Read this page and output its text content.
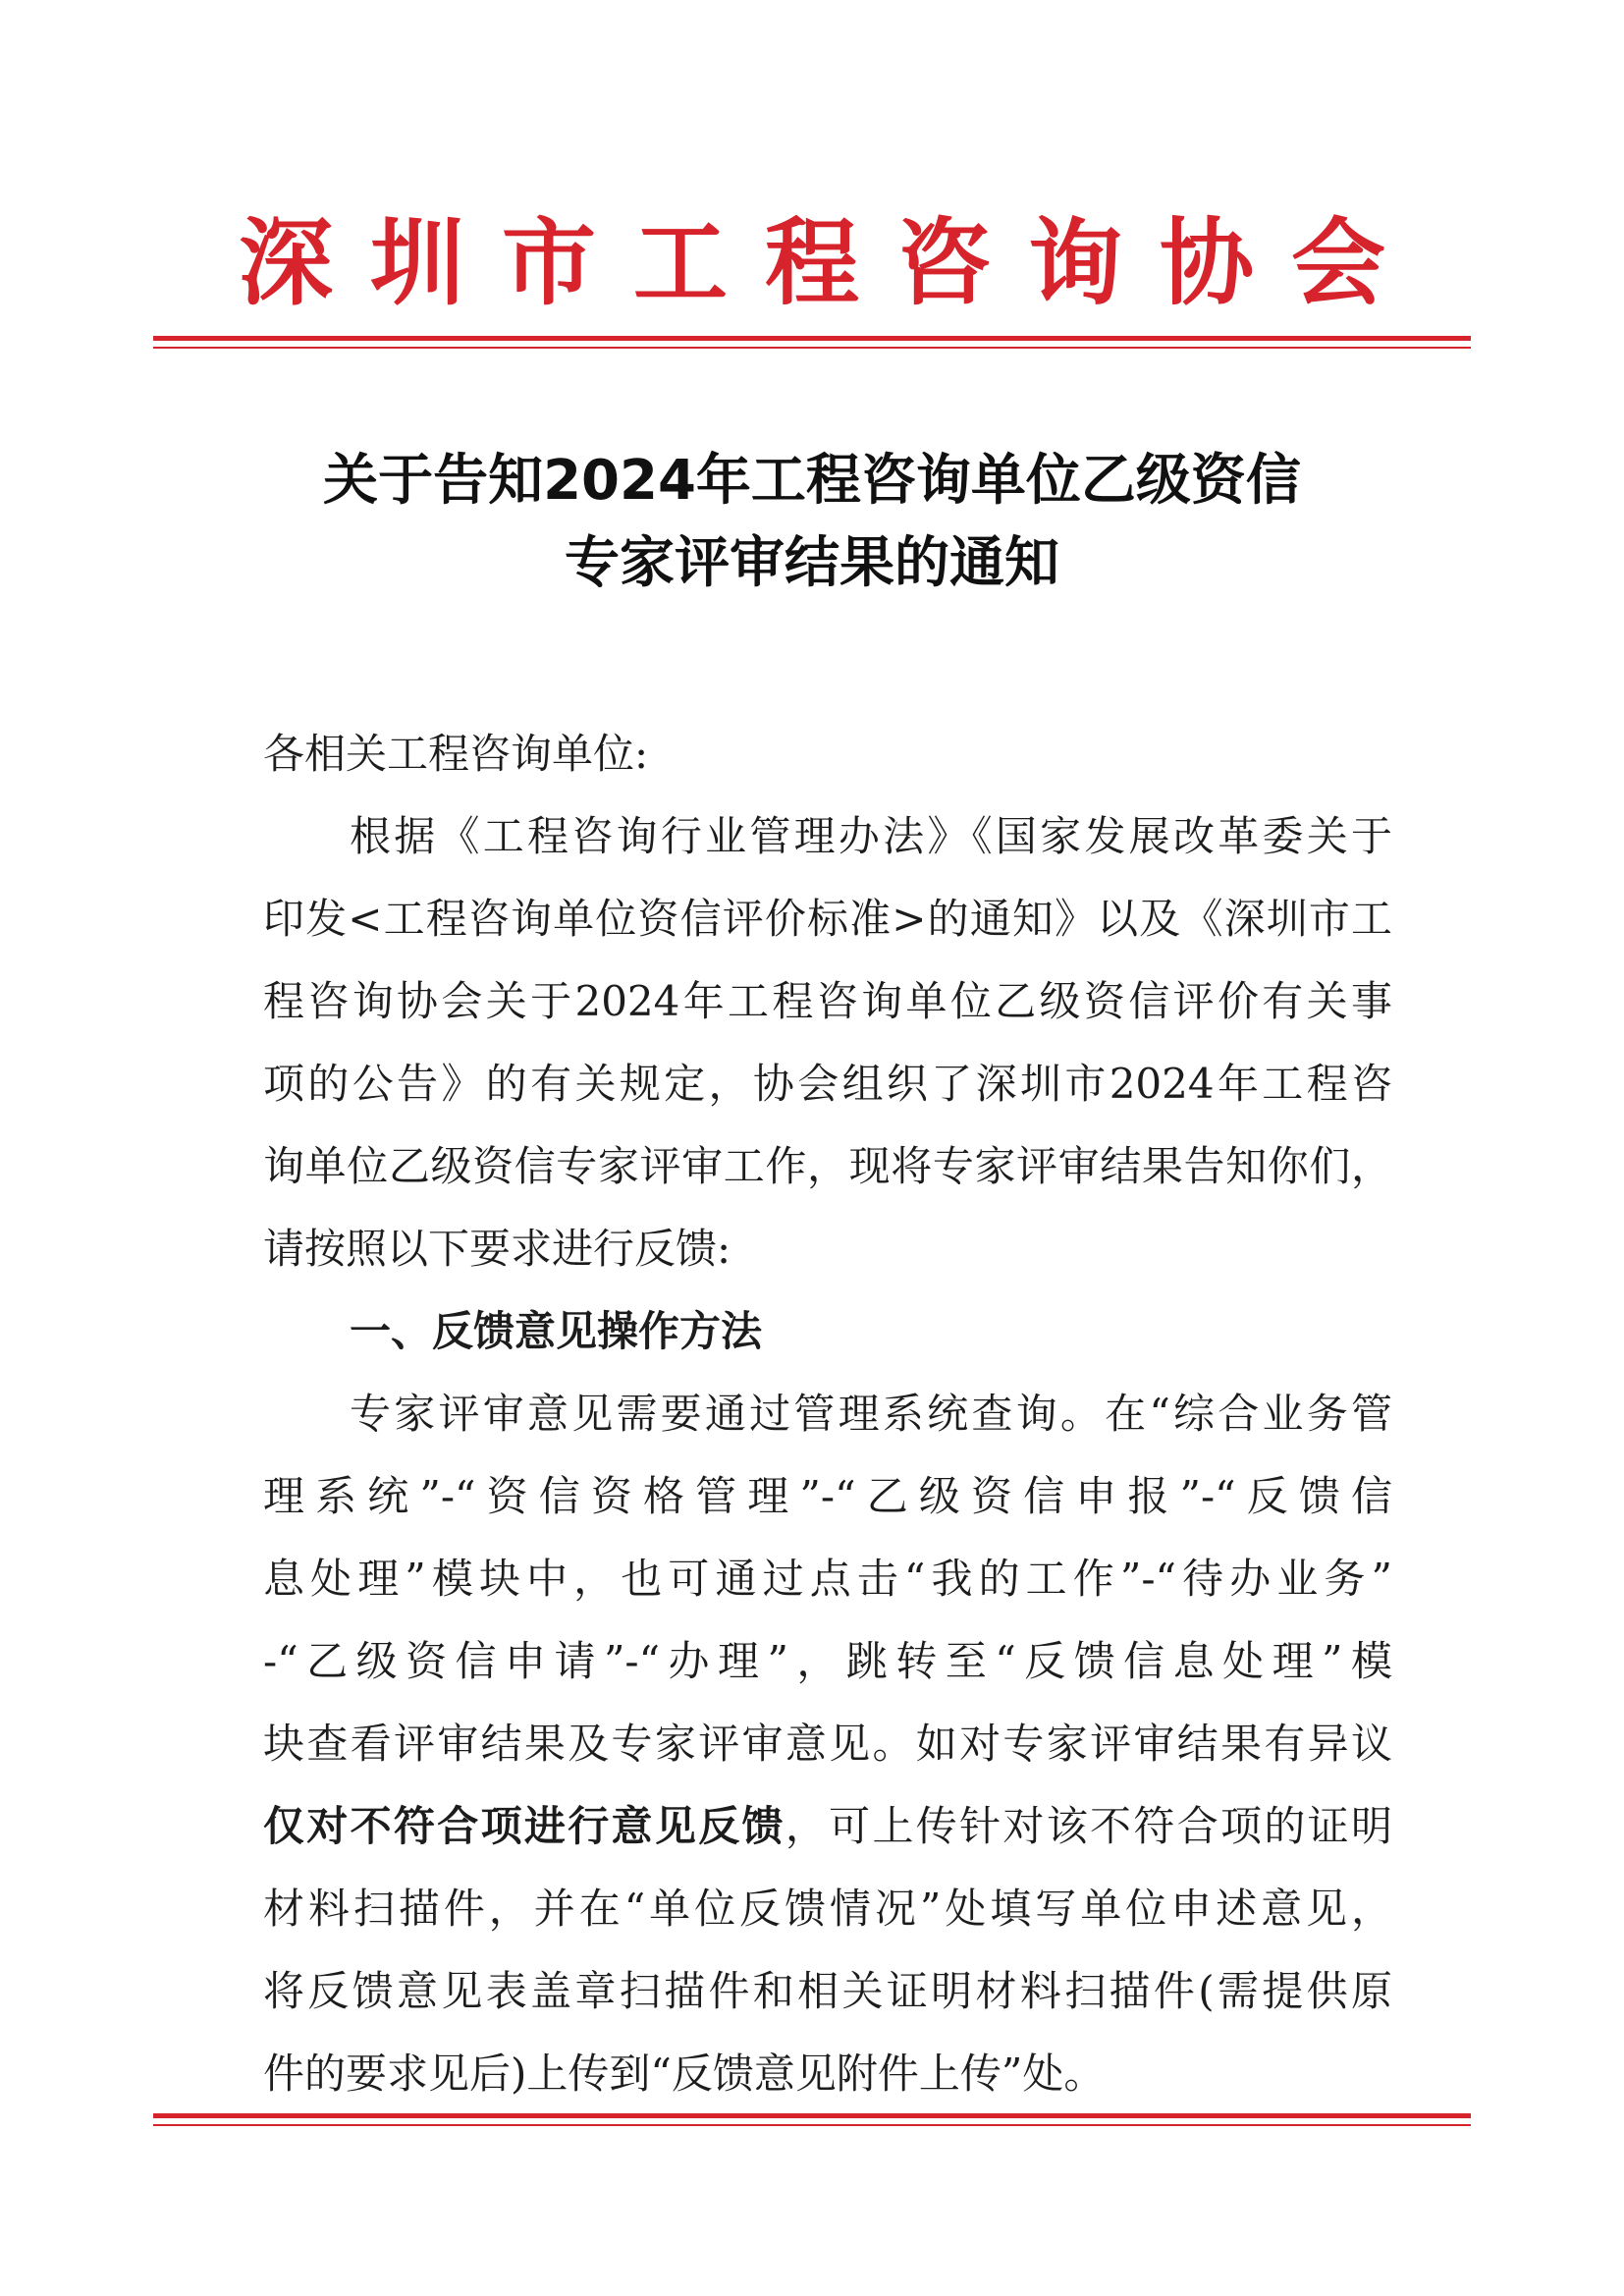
深圳市工程咨询协会
关于告知2024年工程咨询单位乙级资信
专家评审结果的通知
各相关工程咨询单位:
根据《工程咨询行业管理办法》《国家发展改革委关于
印发<工程咨询单位资信评价标准>的通知》以及《深圳市工
程咨询协会关于2024年工程咨询单位乙级资信评价有关事
项的公告》的有关规定，协会组织了深圳市2024年工程咨
询单位乙级资信专家评审工作，现将专家评审结果告知你们，
请按照以下要求进行反馈:
一、反馈意见操作方法
专家评审意见需要通过管理系统查询。在“综合业务管
理系统”-“资信资格管理”-“乙级资信申报”-“反馈信
息处理”模块中，也可通过点击“我的工作”-“待办业务”
-“乙级资信申请”-“办理”，跳转至“反馈信息处理”模
块查看评审结果及专家评审意见。如对专家评审结果有异议
仅对不符合项进行意见反馈，可上传针对该不符合项的证明
材料扫描件，并在“单位反馈情况”处填写单位申述意见，
将反馈意见表盖章扫描件和相关证明材料扫描件(需提供原
件的要求见后)上传到“反馈意见附件上传”处。
